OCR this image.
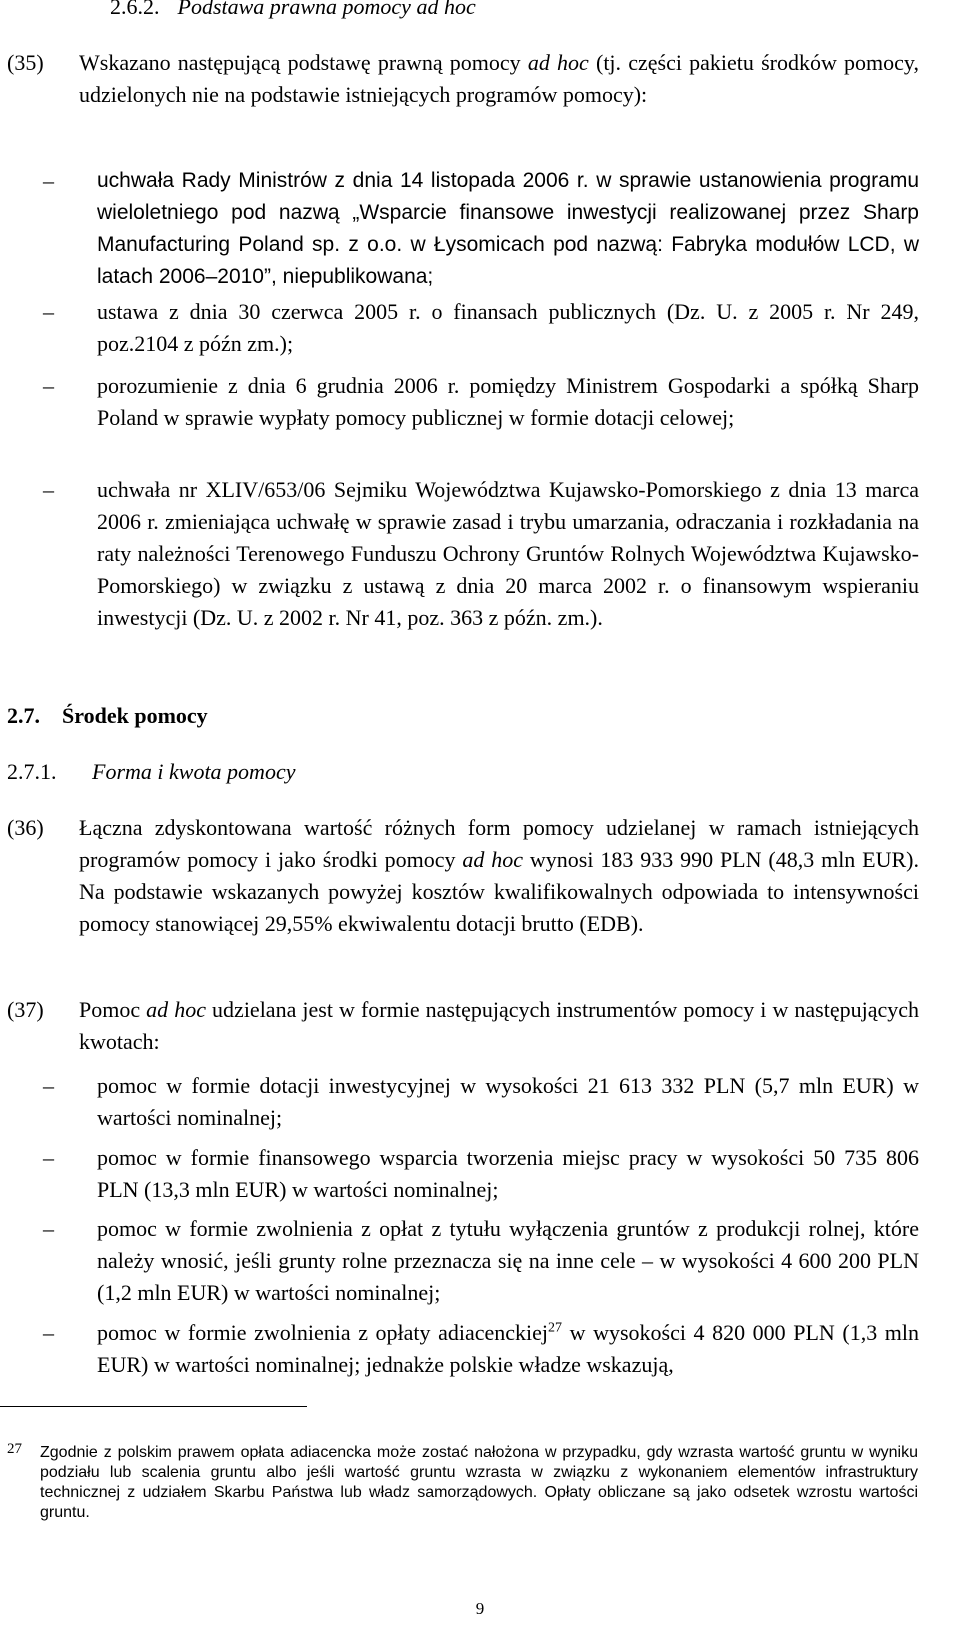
2.6.2. Podstawa prawna pomocy ad hoc
(35) Wskazano następującą podstawę prawną pomocy ad hoc (tj. części pakietu środków pomocy, udzielonych nie na podstawie istniejących programów pomocy):
– uchwała Rady Ministrów z dnia 14 listopada 2006 r. w sprawie ustanowienia programu wieloletniego pod nazwą „Wsparcie finansowe inwestycji realizowanej przez Sharp Manufacturing Poland sp. z o.o. w Łysomicach pod nazwą: Fabryka modułów LCD, w latach 2006–2010”, niepublikowana;
– ustawa z dnia 30 czerwca 2005 r. o finansach publicznych (Dz. U. z 2005 r. Nr 249, poz.2104 z późn zm.);
– porozumienie z dnia 6 grudnia 2006 r. pomiędzy Ministrem Gospodarki a spółką Sharp Poland w sprawie wypłaty pomocy publicznej w formie dotacji celowej;
– uchwała nr XLIV/653/06 Sejmiku Województwa Kujawsko-Pomorskiego z dnia 13 marca 2006 r. zmieniająca uchwałę w sprawie zasad i trybu umarzania, odraczania i rozkładania na raty należności Terenowego Funduszu Ochrony Gruntów Rolnych Województwa Kujawsko-Pomorskiego) w związku z ustawą z dnia 20 marca 2002 r. o finansowym wspieraniu inwestycji (Dz. U. z 2002 r. Nr 41, poz. 363 z późn. zm.).
2.7. Środek pomocy
2.7.1. Forma i kwota pomocy
(36) Łączna zdyskontowana wartość różnych form pomocy udzielanej w ramach istniejących programów pomocy i jako środki pomocy ad hoc wynosi 183 933 990 PLN (48,3 mln EUR). Na podstawie wskazanych powyżej kosztów kwalifikowalnych odpowiada to intensywności pomocy stanowiącej 29,55% ekwiwalentu dotacji brutto (EDB).
(37) Pomoc ad hoc udzielana jest w formie następujących instrumentów pomocy i w następujących kwotach:
– pomoc w formie dotacji inwestycyjnej w wysokości 21 613 332 PLN (5,7 mln EUR) w wartości nominalnej;
– pomoc w formie finansowego wsparcia tworzenia miejsc pracy w wysokości 50 735 806 PLN (13,3 mln EUR) w wartości nominalnej;
– pomoc w formie zwolnienia z opłat z tytułu wyłączenia gruntów z produkcji rolnej, które należy wnosić, jeśli grunty rolne przeznacza się na inne cele – w wysokości 4 600 200 PLN (1,2 mln EUR) w wartości nominalnej;
– pomoc w formie zwolnienia z opłaty adiacenckiej$^{27}$ w wysokości 4 820 000 PLN (1,3 mln EUR) w wartości nominalnej; jednakże polskie władze wskazują,
27 Zgodnie z polskim prawem opłata adiacencka może zostać nałożona w przypadku, gdy wzrasta wartość gruntu w wyniku podziału lub scalenia gruntu albo jeśli wartość gruntu wzrasta w związku z wykonaniem elementów infrastruktury technicznej z udziałem Skarbu Państwa lub władz samorządowych. Opłaty obliczane są jako odsetek wzrostu wartości gruntu.
9
